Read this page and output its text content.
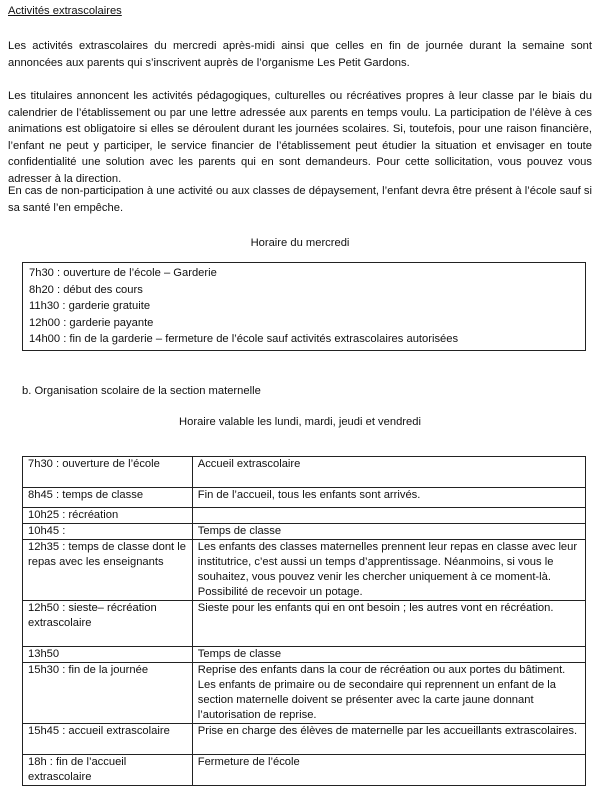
Activités extrascolaires

Les activités extrascolaires du mercredi après-midi ainsi que celles en fin de journée durant la semaine sont annoncées aux parents qui s’inscrivent auprès de l’organisme Les Petit Gardons.

Les titulaires annoncent les activités pédagogiques, culturelles ou récréatives propres à leur classe par le biais du calendrier de l’établissement ou par une lettre adressée aux parents en temps voulu. La participation de l’élève à ces animations est obligatoire si elles se déroulent durant les journées scolaires. Si, toutefois, pour une raison financière, l’enfant ne peut y participer, le service financier de l’établissement peut étudier la situation et envisager en toute confidentialité une solution avec les parents qui en sont demandeurs. Pour cette sollicitation, vous pouvez vous adresser à la direction.

En cas de non-participation à une activité ou aux classes de dépaysement, l’enfant devra être présent à l’école sauf si sa santé l’en empêche.

Horaire du mercredi
7h30 : ouverture de l’école – Garderie
8h20 : début des cours
11h30 : garderie gratuite
12h00 : garderie payante
14h00 : fin de la garderie – fermeture de l’école sauf activités extrascolaires autorisées
b. Organisation scolaire de la section maternelle
Horaire valable les lundi, mardi, jeudi et vendredi
7h30 : ouverture de l’école	Accueil extrascolaire
8h45 : temps de classe	Fin de l’accueil, tous les enfants sont arrivés.
10h25 : récréation	
10h45 :	Temps de classe
12h35 : temps de classe dont le repas avec les enseignants	Les enfants des classes maternelles prennent leur repas en classe avec leur institutrice, c’est aussi un temps d’apprentissage. Néanmoins, si vous le souhaitez, vous pouvez venir les chercher uniquement à ce moment-là. Possibilité de recevoir un potage.
12h50 : sieste– récréation extrascolaire	Sieste pour les enfants qui en ont besoin ; les autres vont en récréation.
13h50	Temps de classe
15h30 : fin de la journée	Reprise des enfants dans la cour de récréation ou aux portes du bâtiment. Les enfants de primaire ou de secondaire qui reprennent un enfant de la section maternelle doivent se présenter avec la carte jaune donnant l’autorisation de reprise.
15h45 : accueil extrascolaire	Prise en charge des élèves de maternelle par les accueillants extrascolaires.
18h : fin de l’accueil extrascolaire	Fermeture de l’école
